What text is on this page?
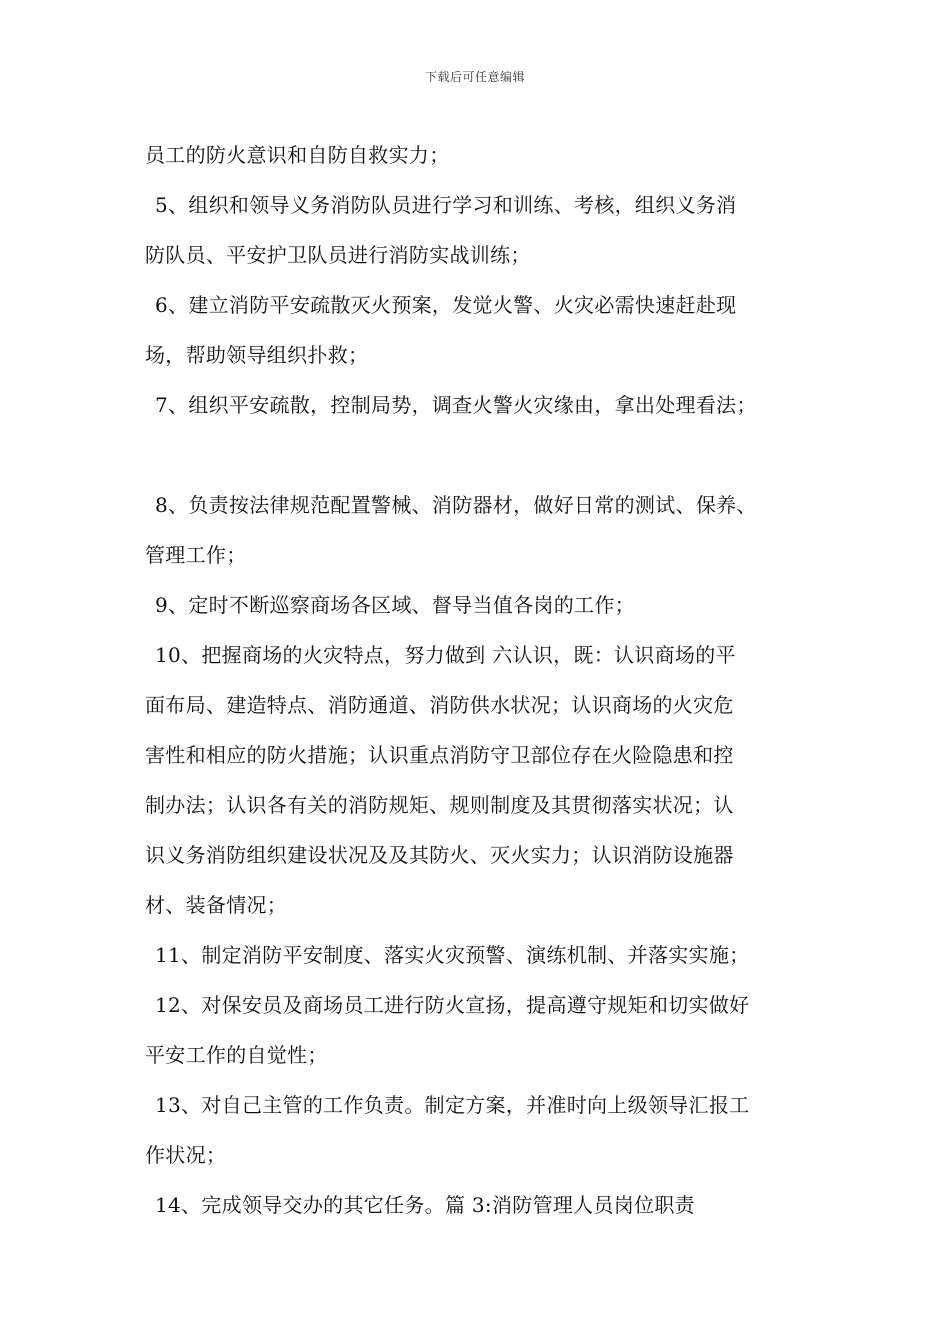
下载后可任意编辑
员工的防火意识和自防自救实力；
5、组织和领导义务消防队员进行学习和训练、考核，组织义务消
防队员、平安护卫队员进行消防实战训练；
6、建立消防平安疏散灭火预案，发觉火警、火灾必需快速赶赴现
场，帮助领导组织扑救；
7、组织平安疏散，控制局势，调查火警火灾缘由，拿出处理看法；
8、负责按法律规范配置警械、消防器材，做好日常的测试、保养、
管理工作；
9、定时不断巡察商场各区域、督导当值各岗的工作；
10、把握商场的火灾特点，努力做到 六认识，既：认识商场的平
面布局、建造特点、消防通道、消防供水状况；认识商场的火灾危
害性和相应的防火措施；认识重点消防守卫部位存在火险隐患和控
制办法；认识各有关的消防规矩、规则制度及其贯彻落实状况；认
识义务消防组织建设状况及及其防火、灭火实力；认识消防设施器
材、装备情况；
11、制定消防平安制度、落实火灾预警、演练机制、并落实实施；
12、对保安员及商场员工进行防火宣扬，提高遵守规矩和切实做好
平安工作的自觉性；
13、对自己主管的工作负责。制定方案，并准时向上级领导汇报工
作状况；
14、完成领导交办的其它任务。篇 3:消防管理人员岗位职责
